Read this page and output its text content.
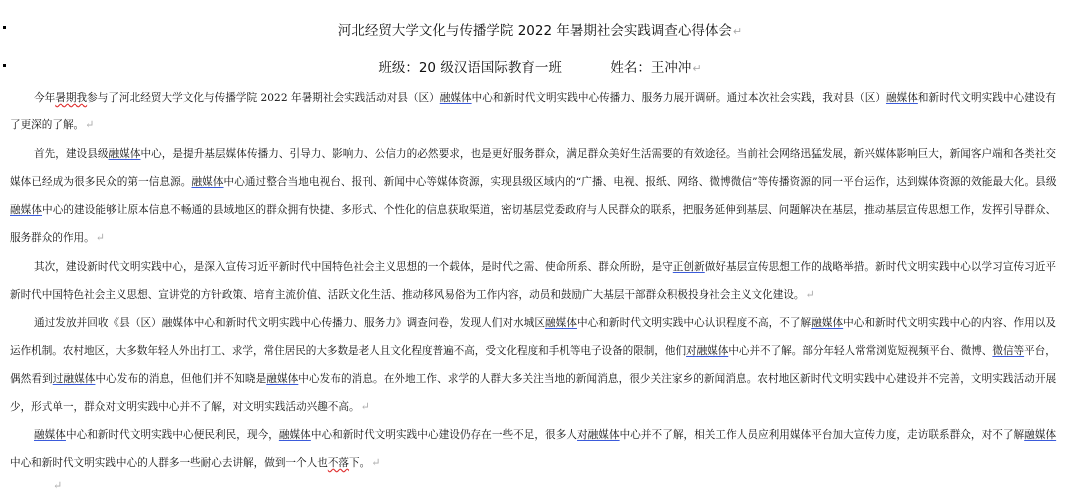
河北经贸大学文化与传播学院 2022 年暑期社会实践调查心得体会↵
班级：20 级汉语国际教育一班	姓名：王冲冲↵
今年暑期我参与了河北经贸大学文化与传播学院 2022 年暑期社会实践活动对县（区）融媒体中心和新时代文明实践中心传播力、服务力展开调研。通过本次社会实践，我对县（区）融媒体和新时代文明实践中心建设有
了更深的了解。↵
首先，建设县级融媒体中心，是提升基层媒体传播力、引导力、影响力、公信力的必然要求，也是更好服务群众，满足群众美好生活需要的有效途径。当前社会网络迅猛发展，新兴媒体影响巨大，新闻客户端和各类社交
媒体已经成为很多民众的第一信息源。融媒体中心通过整合当地电视台、报刊、新闻中心等媒体资源，实现县级区域内的“广播、电视、报纸、网络、微博微信”等传播资源的同一平台运作，达到媒体资源的效能最大化。县级
融媒体中心的建设能够让原本信息不畅通的县域地区的群众拥有快捷、多形式、个性化的信息获取渠道，密切基层党委政府与人民群众的联系，把服务延伸到基层、问题解决在基层，推动基层宣传思想工作，发挥引导群众、
服务群众的作用。↵
其次，建设新时代文明实践中心，是深入宣传习近平新时代中国特色社会主义思想的一个载体，是时代之需、使命所系、群众所盼，是守正创新做好基层宣传思想工作的战略举措。新时代文明实践中心以学习宣传习近平
新时代中国特色社会主义思想、宣讲党的方针政策、培育主流价值、活跃文化生活、推动移风易俗为工作内容，动员和鼓励广大基层干部群众积极投身社会主义文化建设。↵
通过发放并回收《县（区）融媒体中心和新时代文明实践中心传播力、服务力》调查问卷，发现人们对水城区融媒体中心和新时代文明实践中心认识程度不高，不了解融媒体中心和新时代文明实践中心的内容、作用以及
运作机制。农村地区，大多数年轻人外出打工、求学，常住居民的大多数是老人且文化程度普遍不高，受文化程度和手机等电子设备的限制，他们对融媒体中心并不了解。部分年轻人常常浏览短视频平台、微博、微信等平台，
偶然看到过融媒体中心发布的消息，但他们并不知晓是融媒体中心发布的消息。在外地工作、求学的人群大多关注当地的新闻消息，很少关注家乡的新闻消息。农村地区新时代文明实践中心建设并不完善，文明实践活动开展
少，形式单一，群众对文明实践中心并不了解，对文明实践活动兴趣不高。↵
融媒体中心和新时代文明实践中心便民利民，现今，融媒体中心和新时代文明实践中心建设仍存在一些不足，很多人对融媒体中心并不了解，相关工作人员应利用媒体平台加大宣传力度，走访联系群众，对不了解融媒体
中心和新时代文明实践中心的人群多一些耐心去讲解，做到一个人也不落下。↵
↵
